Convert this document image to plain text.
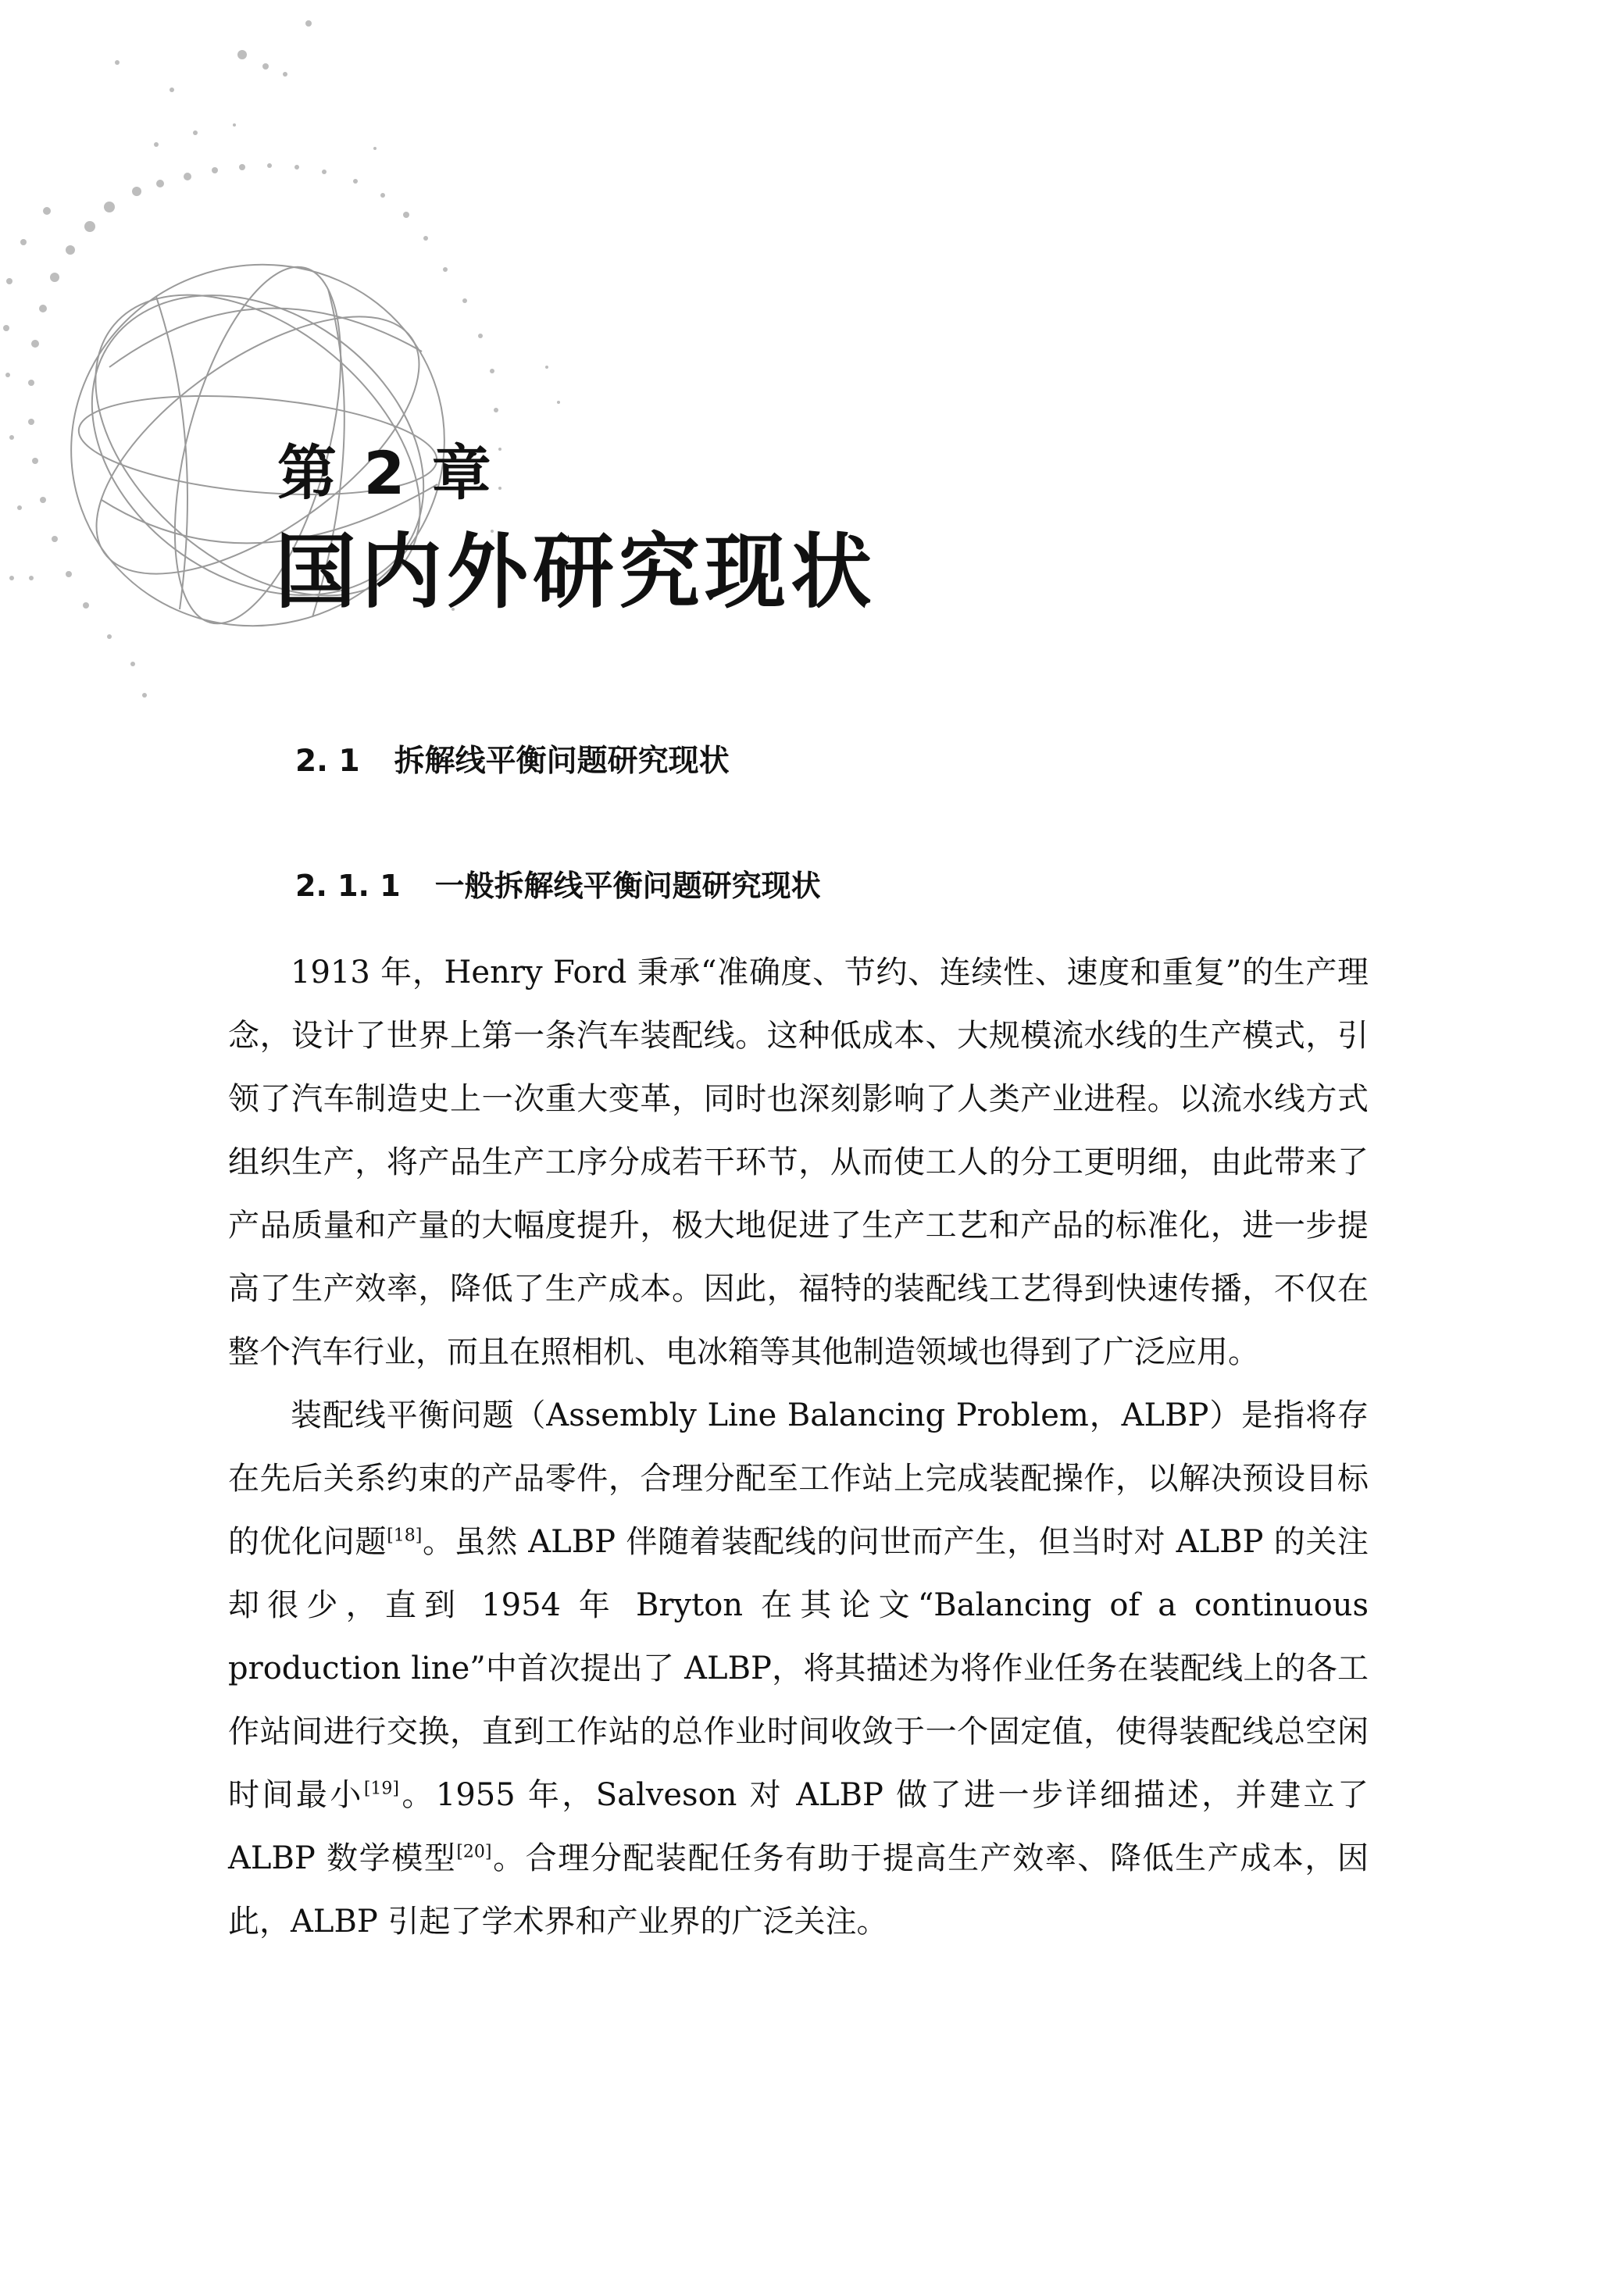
第 2 章
国内外研究现状
2. 1 拆解线平衡问题研究现状
2. 1. 1 一般拆解线平衡问题研究现状

1913 年，Henry Ford 秉承“准确度、节约、连续性、速度和重复”的生产理念，设计了世界上第一条汽车装配线。这种低成本、大规模流水线的生产模式，引领了汽车制造史上一次重大变革，同时也深刻影响了人类产业进程。以流水线方式组织生产，将产品生产工序分成若干环节，从而使工人的分工更明细，由此带来了产品质量和产量的大幅度提升，极大地促进了生产工艺和产品的标准化，进一步提高了生产效率，降低了生产成本。因此，福特的装配线工艺得到快速传播，不仅在整个汽车行业，而且在照相机、电冰箱等其他制造领域也得到了广泛应用。

装配线平衡问题（Assembly Line Balancing Problem，ALBP）是指将存在先后关系约束的产品零件，合理分配至工作站上完成装配操作，以解决预设目标的优化问题[18]。虽然 ALBP 伴随着装配线的问世而产生，但当时对 ALBP 的关注却很少，直到 1954 年 Bryton 在其论文“Balancing of a continuous production line”中首次提出了 ALBP，将其描述为将作业任务在装配线上的各工作站间进行交换，直到工作站的总作业时间收敛于一个固定值，使得装配线总空闲时间最小[19]。1955 年，Salveson 对 ALBP 做了进一步详细描述，并建立了 ALBP 数学模型[20]。合理分配装配任务有助于提高生产效率、降低生产成本，因此，ALBP 引起了学术界和产业界的广泛关注。
